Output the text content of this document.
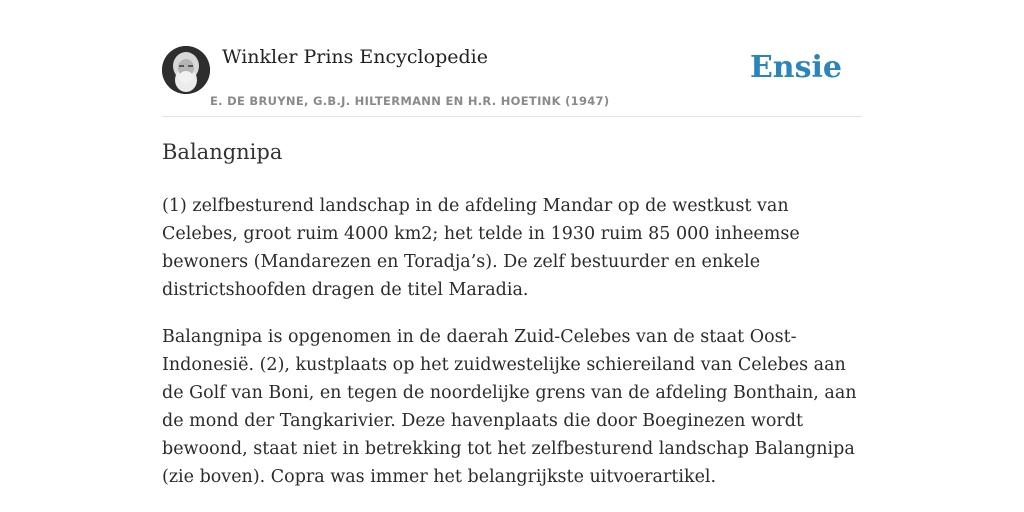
Winkler Prins Encyclopedie
E. DE BRUYNE, G.B.J. HILTERMANN EN H.R. HOETINK (1947)
Ensie
Balangnipa

(1) zelfbesturend landschap in de afdeling Mandar op de westkust van Celebes, groot ruim 4000 km2; het telde in 1930 ruim 85 000 inheemse bewoners (Mandarezen en Toradja’s). De zelf bestuurder en enkele districtshoofden dragen de titel Maradia.

Balangnipa is opgenomen in de daerah Zuid-Celebes van de staat Oost-Indonesië. (2), kustplaats op het zuidwestelijke schiereiland van Celebes aan de Golf van Boni, en tegen de noordelijke grens van de afdeling Bonthain, aan de mond der Tangkarivier. Deze havenplaats die door Boeginezen wordt bewoond, staat niet in betrekking tot het zelfbesturend landschap Balangnipa (zie boven). Copra was immer het belangrijkste uitvoerartikel.
